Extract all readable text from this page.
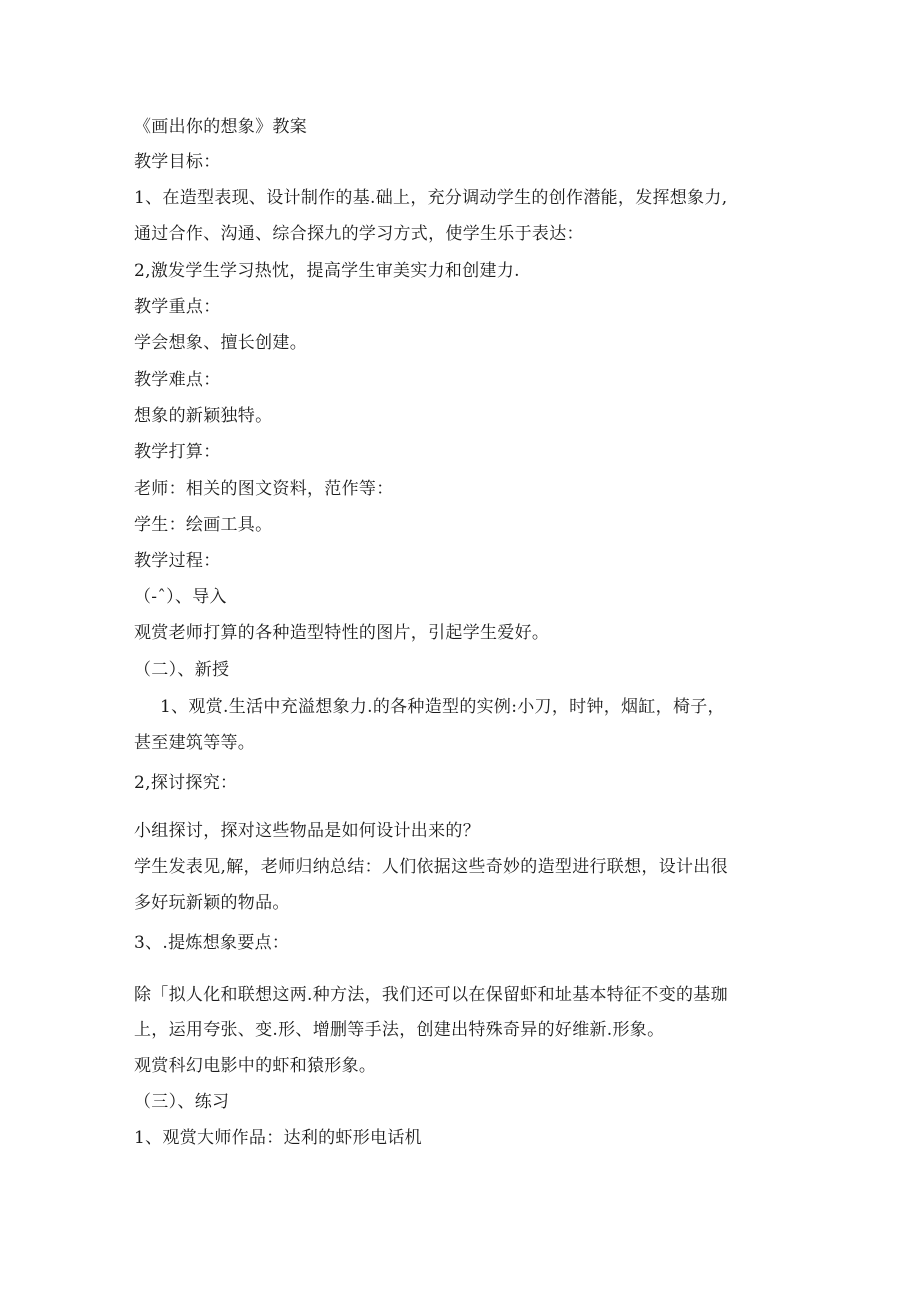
《画出你的想象》教案
教学目标：
1、在造型表现、设计制作的基.础上，充分调动学生的创作潜能，发挥想象力,
通过合作、沟通、综合探九的学习方式，使学生乐于表达：
2,激发学生学习热忱，提高学生审美实力和创建力.
教学重点：
学会想象、擅长创建。
教学难点：
想象的新颖独特。
教学打算：
老师：相关的图文资料，范作等：
学生：绘画工具。
教学过程：
（-ˆ）、导入
观赏老师打算的各种造型特性的图片，引起学生爱好。
（二）、新授
1、观赏.生活中充溢想象力.的各种造型的实例:小刀，时钟，烟缸，椅子，
甚至建筑等等。
2,探讨探究：
小组探讨，探对这些物品是如何设计出来的？
学生发表见,解，老师归纳总结：人们依据这些奇妙的造型进行联想，设计出很
多好玩新颖的物品。
3、.提炼想象要点：
除「拟人化和联想这两.种方法，我们还可以在保留虾和址基本特征不变的基珈
上，运用夸张、变.形、增删等手法，创建出特殊奇异的好维新.形象。
观赏科幻电影中的虾和猿形象。
（三）、练习
1、观赏大师作品：达利的虾形电话机
